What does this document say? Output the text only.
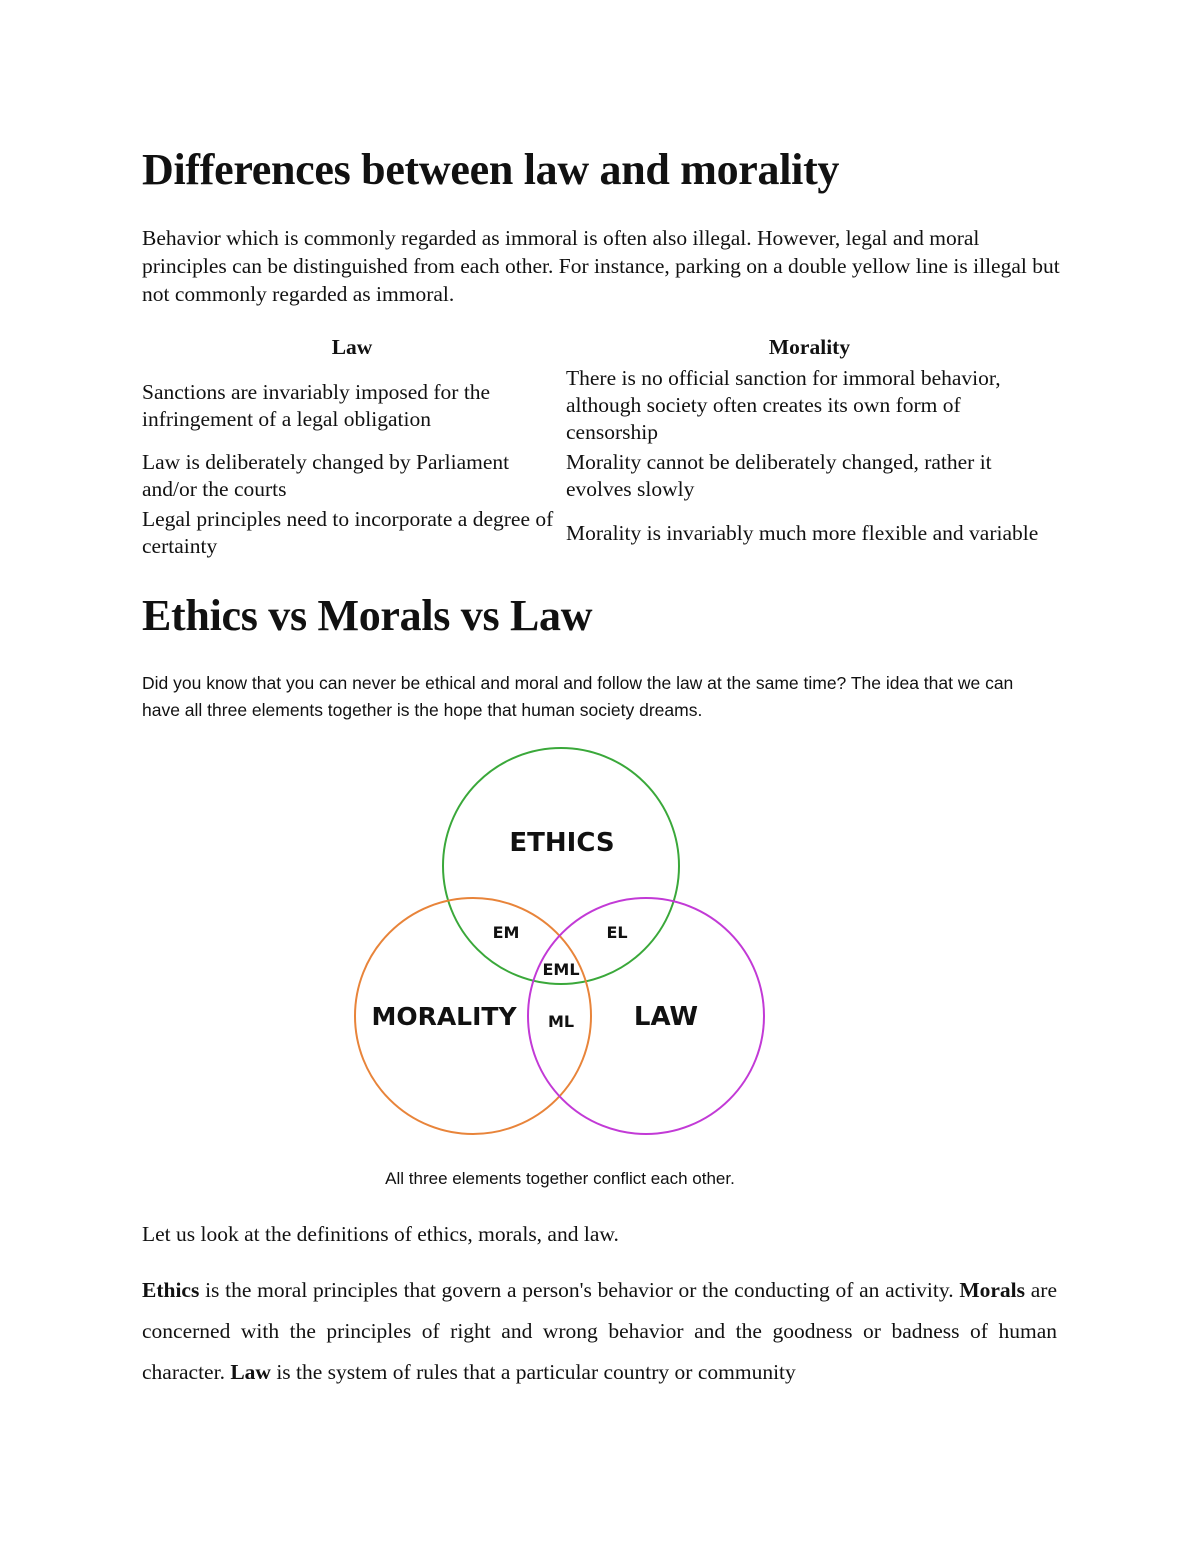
Differences between law and morality

Behavior which is commonly regarded as immoral is often also illegal. However, legal and moral principles can be distinguished from each other. For instance, parking on a double yellow line is illegal but not commonly regarded as immoral.

Law	Morality
Sanctions are invariably imposed for the infringement of a legal obligation	There is no official sanction for immoral behavior, although society often creates its own form of censorship
Law is deliberately changed by Parliament and/or the courts	Morality cannot be deliberately changed, rather it evolves slowly
Legal principles need to incorporate a degree of certainty	Morality is invariably much more flexible and variable
Ethics vs Morals vs Law

Did you know that you can never be ethical and moral and follow the law at the same time? The idea that we can have all three elements together is the hope that human society dreams.

ETHICS
MORALITY	LAW
EM	EL
EML
ML

All three elements together conflict each other.

Let us look at the definitions of ethics, morals, and law.

Ethics is the moral principles that govern a person's behavior or the conducting of an activity. Morals are concerned with the principles of right and wrong behavior and the goodness or badness of human character. Law is the system of rules that a particular country or community
